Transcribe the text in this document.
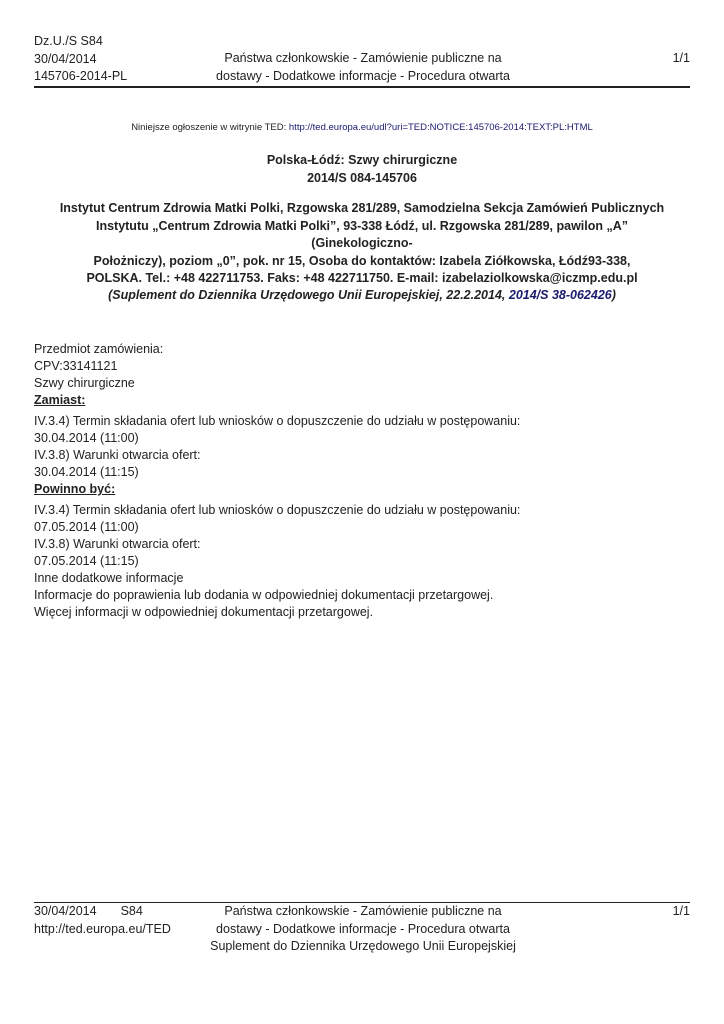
Dz.U./S S84
30/04/2014
145706-2014-PL
Państwa członkowskie - Zamówienie publiczne na
dostawy - Dodatkowe informacje - Procedura otwarta
1/1
Niniejsze ogłoszenie w witrynie TED: http://ted.europa.eu/udl?uri=TED:NOTICE:145706-2014:TEXT:PL:HTML
Polska-Łódź: Szwy chirurgiczne
2014/S 084-145706
Instytut Centrum Zdrowia Matki Polki, Rzgowska 281/289, Samodzielna Sekcja Zamówień Publicznych
Instytutu „Centrum Zdrowia Matki Polki”, 93-338 Łódź, ul. Rzgowska 281/289, pawilon „A” (Ginekologiczno-
Położniczy), poziom „0”, pok. nr 15, Osoba do kontaktów: Izabela Ziółkowska, Łódź93-338,
POLSKA. Tel.: +48 422711753. Faks: +48 422711750. E-mail: izabelaziolkowska@iczmp.edu.pl
(Suplement do Dziennika Urzędowego Unii Europejskiej, 22.2.2014, 2014/S 38-062426)
Przedmiot zamówienia:
CPV:33141121
Szwy chirurgiczne
Zamiast:
IV.3.4) Termin składania ofert lub wniosków o dopuszczenie do udziału w postępowaniu:
30.04.2014 (11:00)
IV.3.8) Warunki otwarcia ofert:
30.04.2014 (11:15)
Powinno być:
IV.3.4) Termin składania ofert lub wniosków o dopuszczenie do udziału w postępowaniu:
07.05.2014 (11:00)
IV.3.8) Warunki otwarcia ofert:
07.05.2014 (11:15)
Inne dodatkowe informacje
Informacje do poprawienia lub dodania w odpowiedniej dokumentacji przetargowej.
Więcej informacji w odpowiedniej dokumentacji przetargowej.
30/04/2014 S84
http://ted.europa.eu/TED
Państwa członkowskie - Zamówienie publiczne na
dostawy - Dodatkowe informacje - Procedura otwarta
Suplement do Dziennika Urzędowego Unii Europejskiej
1/1
